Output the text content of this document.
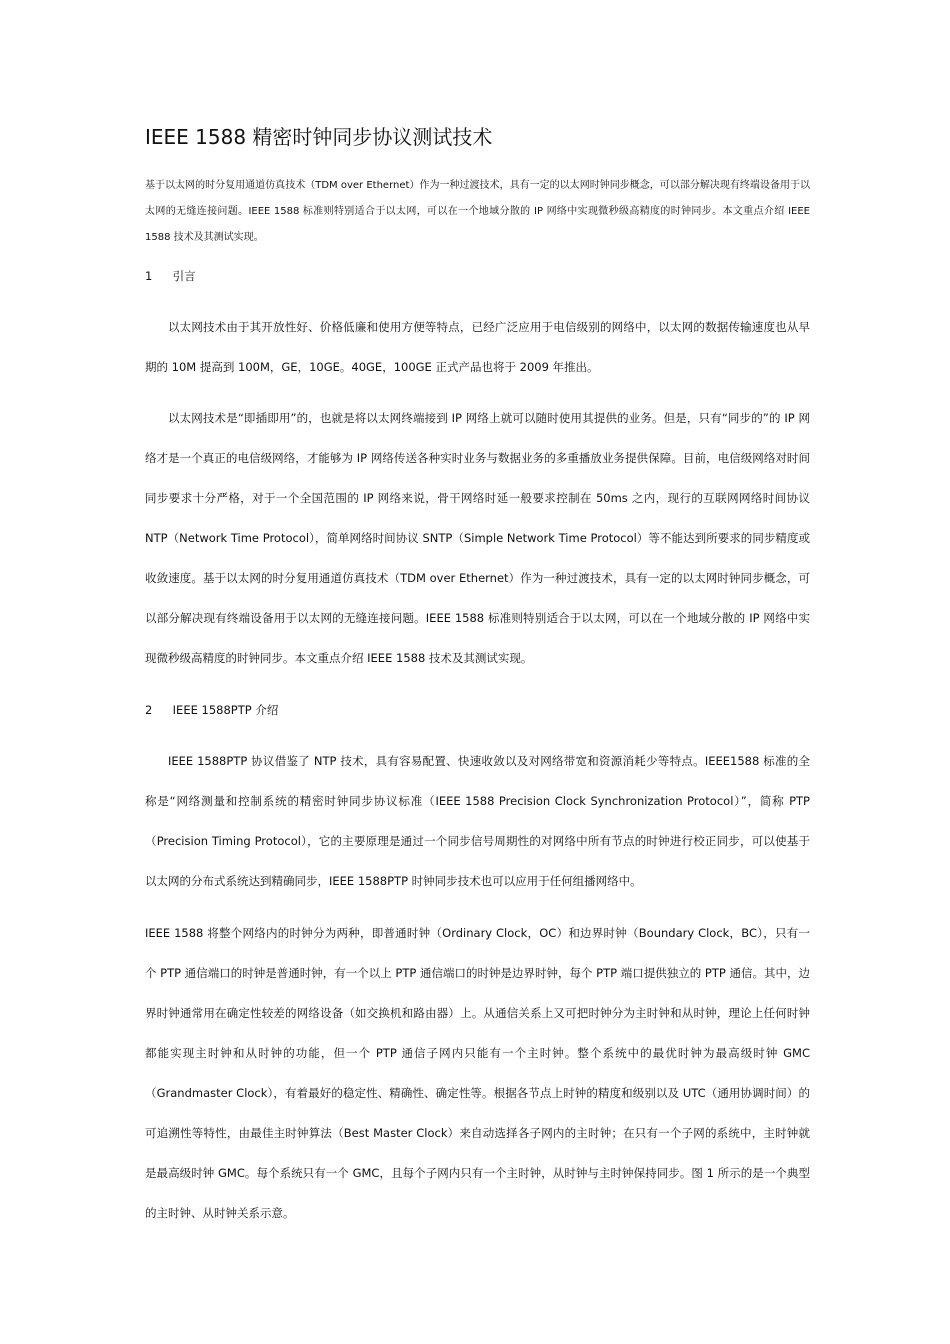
IEEE 1588 精密时钟同步协议测试技术

基于以太网的时分复用通道仿真技术（TDM over Ethernet）作为一种过渡技术，具有一定的以太网时钟同步概念，可以部分解决现有终端设备用于以太网的无缝连接问题。IEEE 1588 标准则特别适合于以太网，可以在一个地域分散的 IP 网络中实现微秒级高精度的时钟同步。本文重点介绍 IEEE 1588 技术及其测试实现。

1 引言

以太网技术由于其开放性好、价格低廉和使用方便等特点，已经广泛应用于电信级别的网络中，以太网的数据传输速度也从早期的 10M 提高到 100M，GE，10GE。40GE，100GE 正式产品也将于 2009 年推出。

以太网技术是“即插即用”的，也就是将以太网终端接到 IP 网络上就可以随时使用其提供的业务。但是，只有“同步的”的 IP 网络才是一个真正的电信级网络，才能够为 IP 网络传送各种实时业务与数据业务的多重播放业务提供保障。目前，电信级网络对时间同步要求十分严格，对于一个全国范围的 IP 网络来说，骨干网络时延一般要求控制在 50ms 之内，现行的互联网网络时间协议 NTP（Network Time Protocol），简单网络时间协议 SNTP（Simple Network Time Protocol）等不能达到所要求的同步精度或收敛速度。基于以太网的时分复用通道仿真技术（TDM over Ethernet）作为一种过渡技术，具有一定的以太网时钟同步概念，可以部分解决现有终端设备用于以太网的无缝连接问题。IEEE 1588 标准则特别适合于以太网，可以在一个地域分散的 IP 网络中实现微秒级高精度的时钟同步。本文重点介绍 IEEE 1588 技术及其测试实现。

2 IEEE 1588PTP 介绍

IEEE 1588PTP 协议借鉴了 NTP 技术，具有容易配置、快速收敛以及对网络带宽和资源消耗少等特点。IEEE1588 标准的全称是“网络测量和控制系统的精密时钟同步协议标准（IEEE 1588 Precision Clock Synchronization Protocol）”，简称 PTP（Precision Timing Protocol），它的主要原理是通过一个同步信号周期性的对网络中所有节点的时钟进行校正同步，可以使基于以太网的分布式系统达到精确同步，IEEE 1588PTP 时钟同步技术也可以应用于任何组播网络中。

IEEE 1588 将整个网络内的时钟分为两种，即普通时钟（Ordinary Clock，OC）和边界时钟（Boundary Clock，BC），只有一个 PTP 通信端口的时钟是普通时钟，有一个以上 PTP 通信端口的时钟是边界时钟，每个 PTP 端口提供独立的 PTP 通信。其中，边界时钟通常用在确定性较差的网络设备（如交换机和路由器）上。从通信关系上又可把时钟分为主时钟和从时钟，理论上任何时钟都能实现主时钟和从时钟的功能，但一个 PTP 通信子网内只能有一个主时钟。整个系统中的最优时钟为最高级时钟 GMC（Grandmaster Clock），有着最好的稳定性、精确性、确定性等。根据各节点上时钟的精度和级别以及 UTC（通用协调时间）的可追溯性等特性，由最佳主时钟算法（Best Master Clock）来自动选择各子网内的主时钟；在只有一个子网的系统中，主时钟就是最高级时钟 GMC。每个系统只有一个 GMC，且每个子网内只有一个主时钟，从时钟与主时钟保持同步。图 1 所示的是一个典型的主时钟、从时钟关系示意。
